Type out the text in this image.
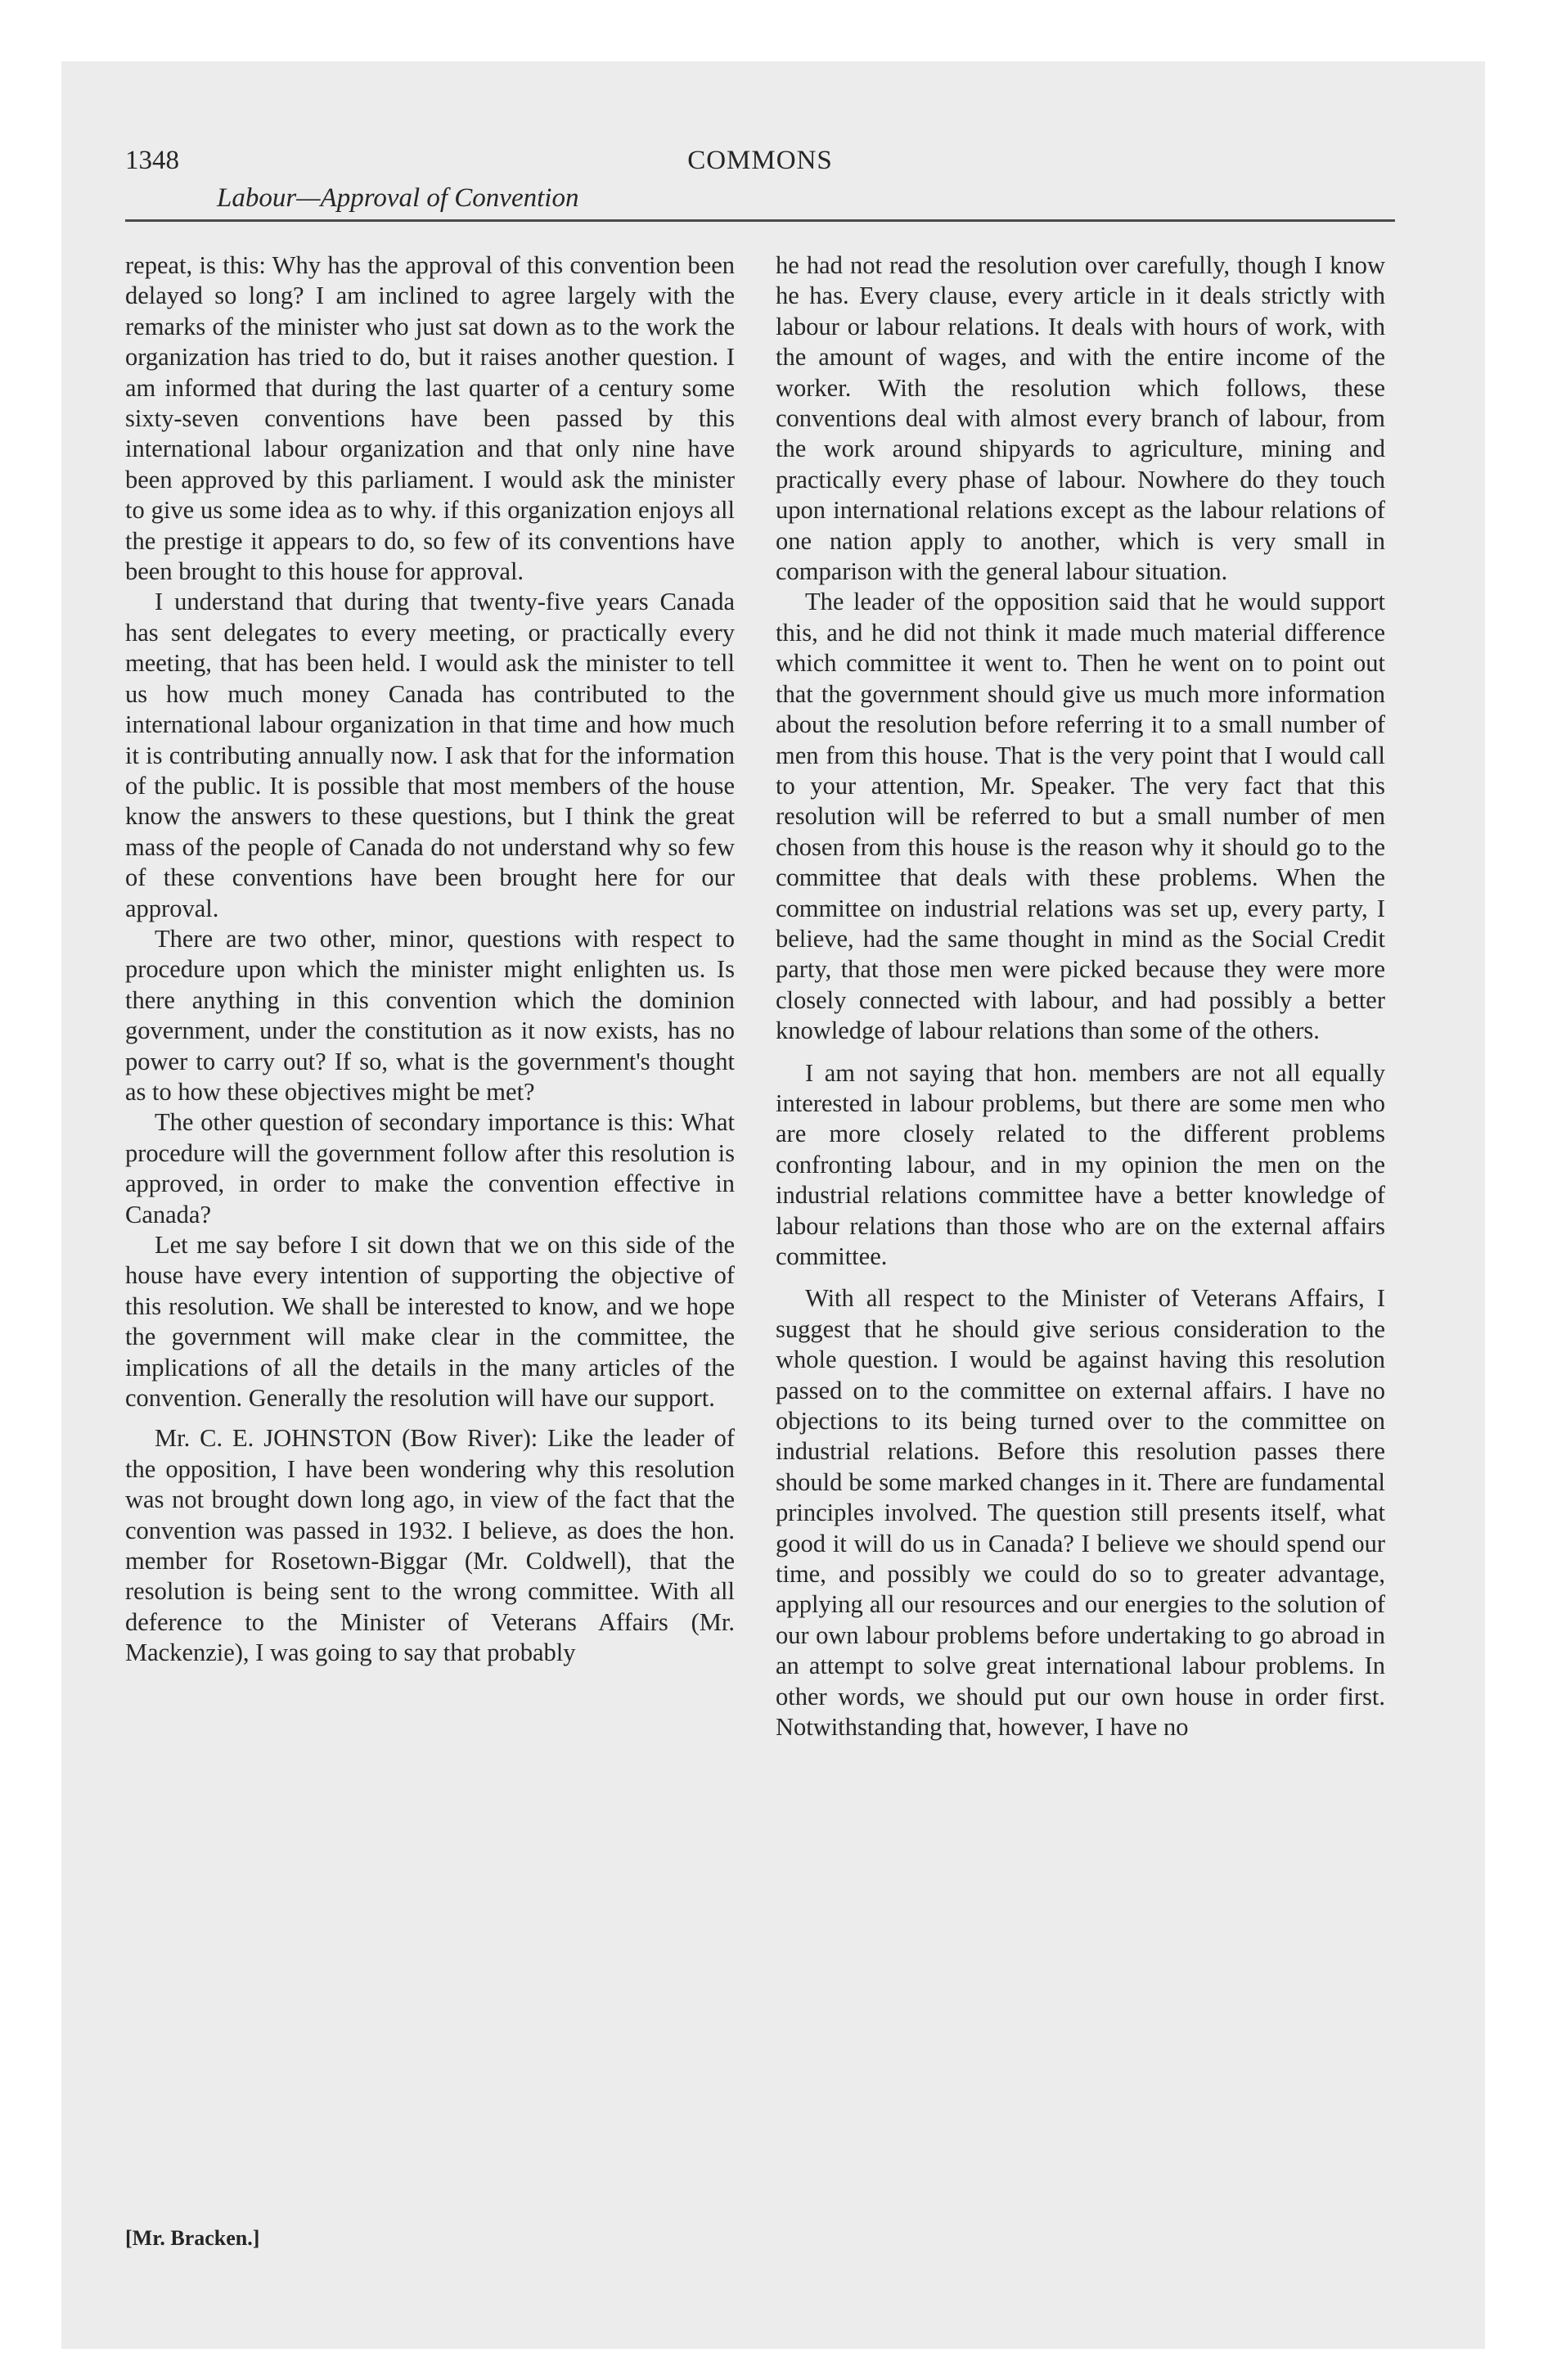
1348	COMMONS
Labour—Approval of Convention

repeat, is this: Why has the approval of this convention been delayed so long? I am inclined to agree largely with the remarks of the minister who just sat down as to the work the organization has tried to do, but it raises another question. I am informed that during the last quarter of a century some sixty-seven conventions have been passed by this international labour organization and that only nine have been approved by this parliament. I would ask the minister to give us some idea as to why. if this organization enjoys all the prestige it appears to do, so few of its conventions have been brought to this house for approval.

I understand that during that twenty-five years Canada has sent delegates to every meeting, or practically every meeting, that has been held. I would ask the minister to tell us how much money Canada has contributed to the international labour organization in that time and how much it is contributing annually now. I ask that for the information of the public. It is possible that most members of the house know the answers to these questions, but I think the great mass of the people of Canada do not understand why so few of these conventions have been brought here for our approval.

There are two other, minor, questions with respect to procedure upon which the minister might enlighten us. Is there anything in this convention which the dominion government, under the constitution as it now exists, has no power to carry out? If so, what is the government's thought as to how these objectives might be met?

The other question of secondary importance is this: What procedure will the government follow after this resolution is approved, in order to make the convention effective in Canada?

Let me say before I sit down that we on this side of the house have every intention of supporting the objective of this resolution. We shall be interested to know, and we hope the government will make clear in the committee, the implications of all the details in the many articles of the convention. Generally the resolution will have our support.

Mr. C. E. JOHNSTON (Bow River): Like the leader of the opposition, I have been wondering why this resolution was not brought down long ago, in view of the fact that the convention was passed in 1932. I believe, as does the hon. member for Rosetown-Biggar (Mr. Coldwell), that the resolution is being sent to the wrong committee. With all deference to the Minister of Veterans Affairs (Mr. Mackenzie), I was going to say that probably

he had not read the resolution over carefully, though I know he has. Every clause, every article in it deals strictly with labour or labour relations. It deals with hours of work, with the amount of wages, and with the entire income of the worker. With the resolution which follows, these conventions deal with almost every branch of labour, from the work around shipyards to agriculture, mining and practically every phase of labour. Nowhere do they touch upon international relations except as the labour relations of one nation apply to another, which is very small in comparison with the general labour situation.

The leader of the opposition said that he would support this, and he did not think it made much material difference which committee it went to. Then he went on to point out that the government should give us much more information about the resolution before referring it to a small number of men from this house. That is the very point that I would call to your attention, Mr. Speaker. The very fact that this resolution will be referred to but a small number of men chosen from this house is the reason why it should go to the committee that deals with these problems. When the committee on industrial relations was set up, every party, I believe, had the same thought in mind as the Social Credit party, that those men were picked because they were more closely connected with labour, and had possibly a better knowledge of labour relations than some of the others.

I am not saying that hon. members are not all equally interested in labour problems, but there are some men who are more closely related to the different problems confronting labour, and in my opinion the men on the industrial relations committee have a better knowledge of labour relations than those who are on the external affairs committee.

With all respect to the Minister of Veterans Affairs, I suggest that he should give serious consideration to the whole question. I would be against having this resolution passed on to the committee on external affairs. I have no objections to its being turned over to the committee on industrial relations. Before this resolution passes there should be some marked changes in it. There are fundamental principles involved. The question still presents itself, what good it will do us in Canada? I believe we should spend our time, and possibly we could do so to greater advantage, applying all our resources and our energies to the solution of our own labour problems before undertaking to go abroad in an attempt to solve great international labour problems. In other words, we should put our own house in order first. Notwithstanding that, however, I have no

[Mr. Bracken.]
